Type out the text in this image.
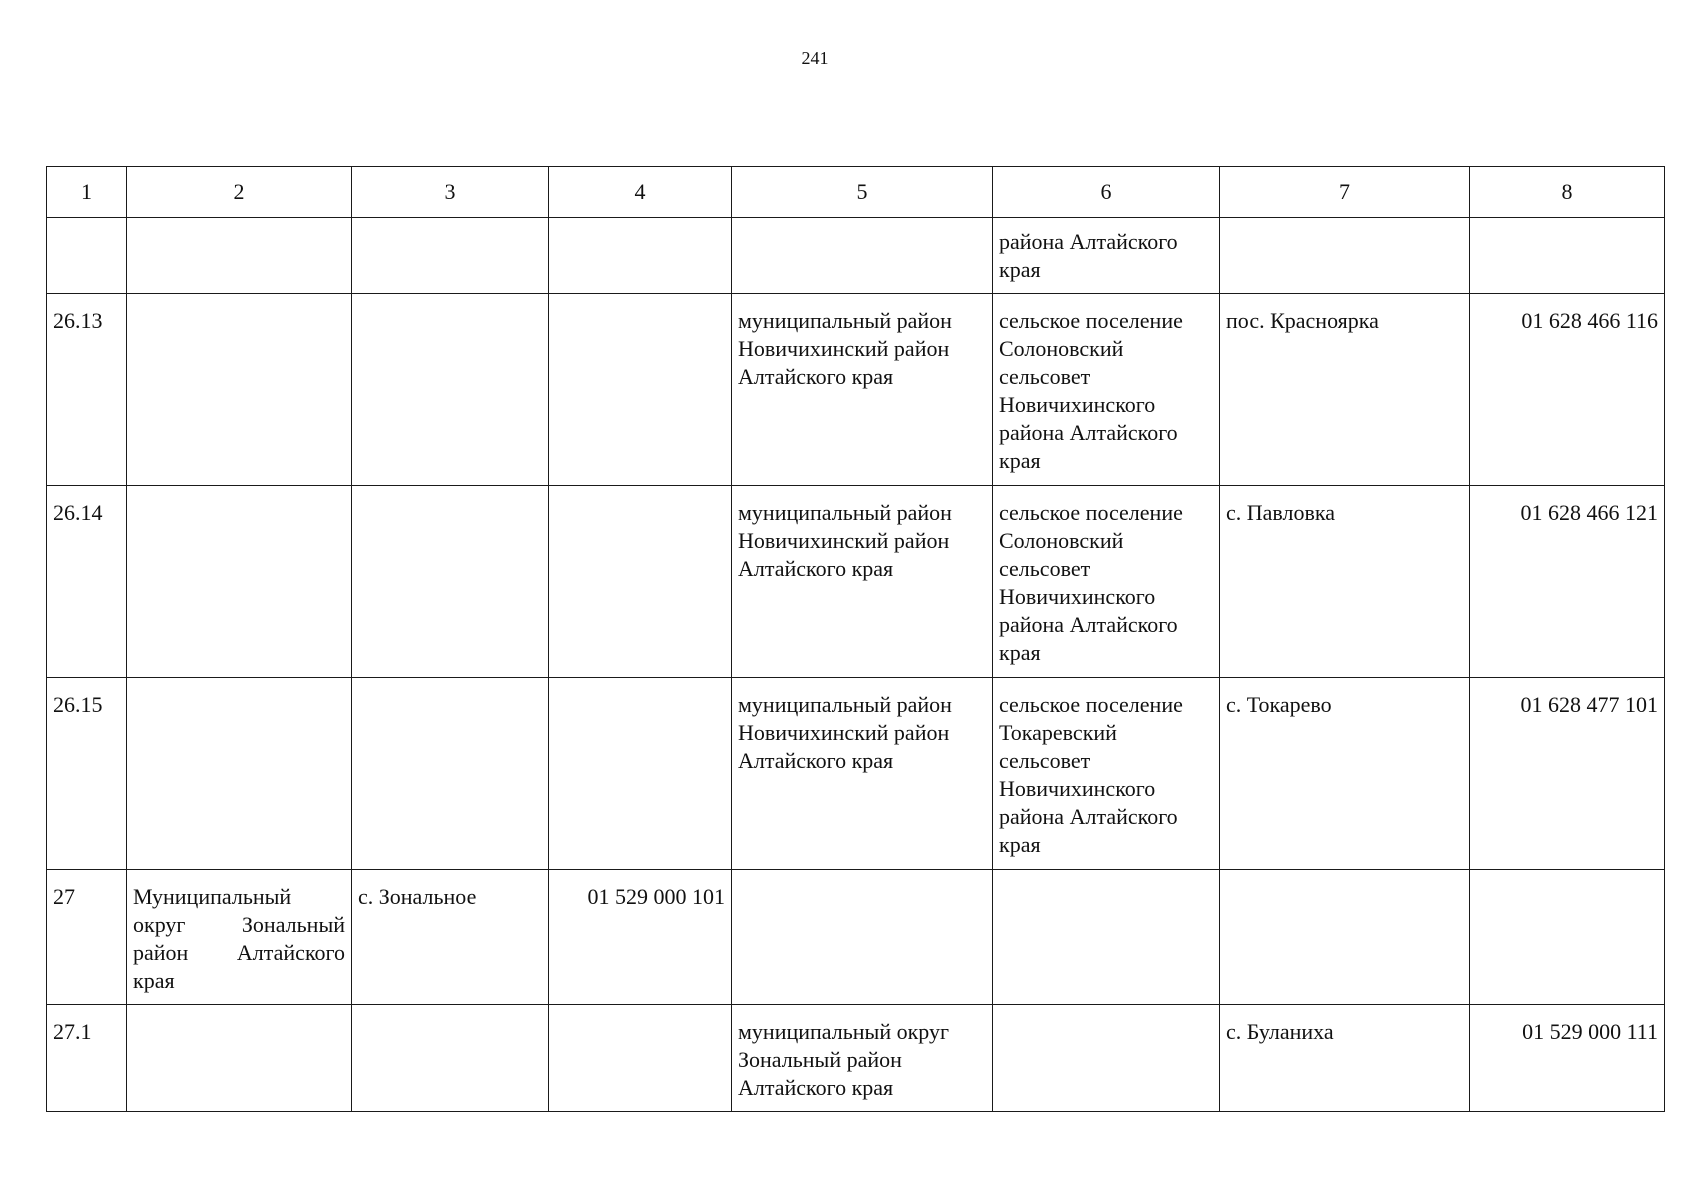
241
1	2	3	4	5	6	7	8
					района Алтайского края		
26.13				муниципальный район Новичихинский район Алтайского края	сельское поселение Солоновский сельсовет Новичихинского района Алтайского края	пос. Красноярка	01 628 466 116
26.14				муниципальный район Новичихинский район Алтайского края	сельское поселение Солоновский сельсовет Новичихинского района Алтайского края	с. Павловка	01 628 466 121
26.15				муниципальный район Новичихинский район Алтайского края	сельское поселение Токаревский сельсовет Новичихинского района Алтайского края	с. Токарево	01 628 477 101
27	Муниципальный округ Зональный район Алтайского края	с. Зональное	01 529 000 101				
27.1				муниципальный округ Зональный район Алтайского края		с. Буланиха	01 529 000 111
